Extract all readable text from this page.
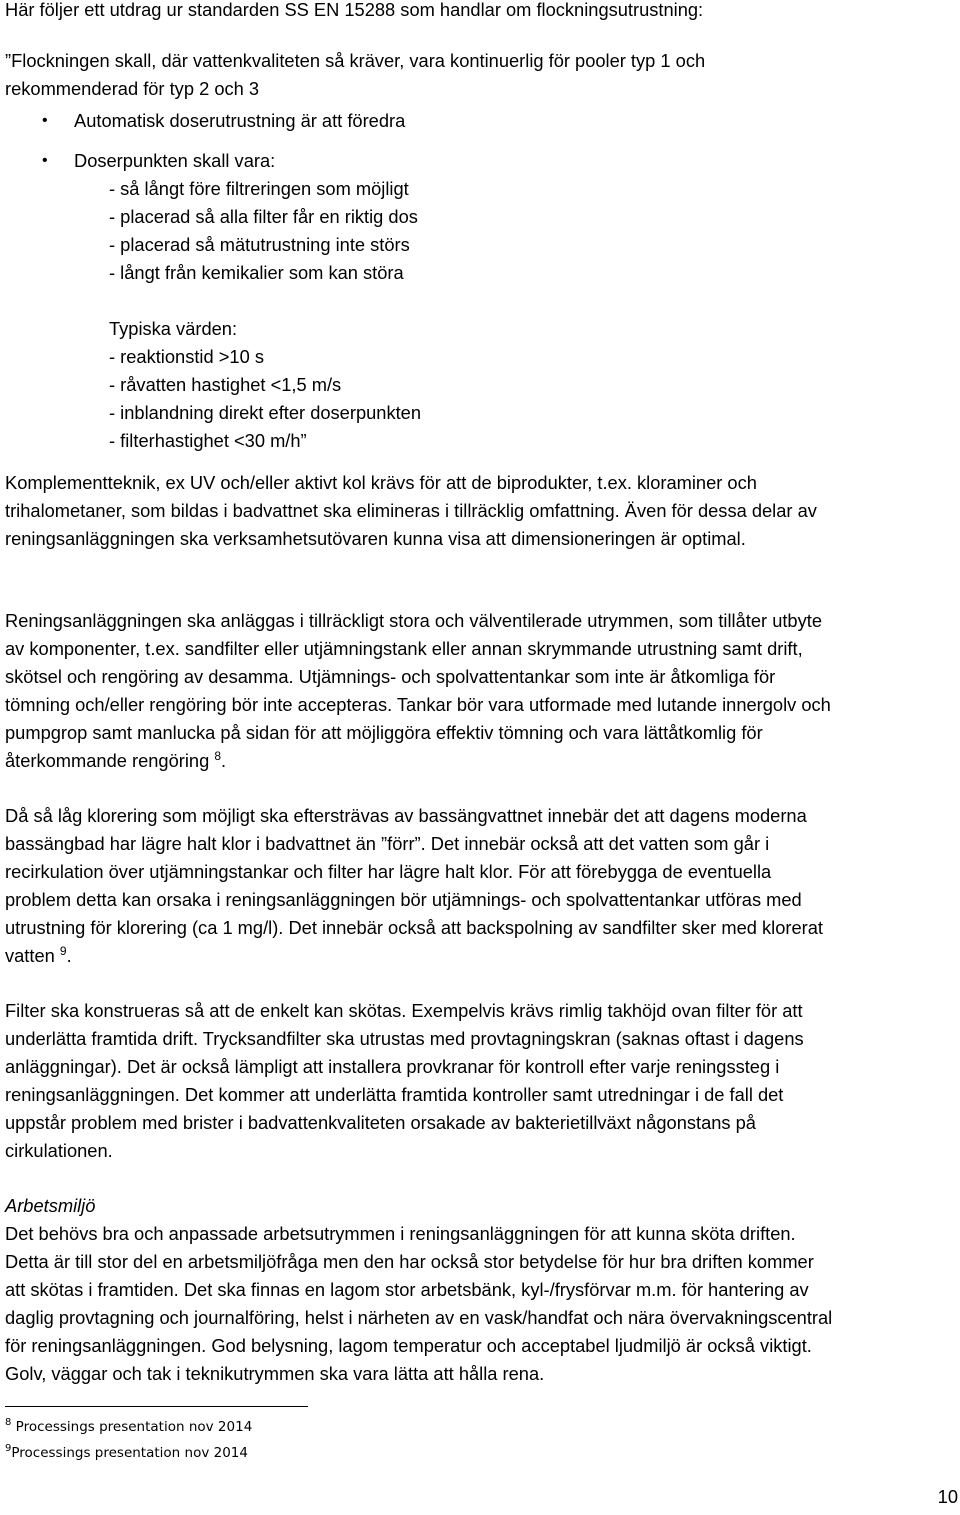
Här följer ett utdrag ur standarden SS EN 15288 som handlar om flockningsutrustning:
”Flockningen skall, där vattenkvaliteten så kräver, vara kontinuerlig för pooler typ 1 och
rekommenderad för typ 2 och 3
• Automatisk doserutrustning är att föredra
• Doserpunkten skall vara:
- så långt före filtreringen som möjligt
- placerad så alla filter får en riktig dos
- placerad så mätutrustning inte störs
- långt från kemikalier som kan störa
Typiska värden:
- reaktionstid >10 s
- råvatten hastighet <1,5 m/s
- inblandning direkt efter doserpunkten
- filterhastighet <30 m/h”
Komplementteknik, ex UV och/eller aktivt kol krävs för att de biprodukter, t.ex. kloraminer och
trihalometaner, som bildas i badvattnet ska elimineras i tillräcklig omfattning. Även för dessa delar av
reningsanläggningen ska verksamhetsutövaren kunna visa att dimensioneringen är optimal.
Reningsanläggningen ska anläggas i tillräckligt stora och välventilerade utrymmen, som tillåter utbyte
av komponenter, t.ex. sandfilter eller utjämningstank eller annan skrymmande utrustning samt drift,
skötsel och rengöring av desamma. Utjämnings- och spolvattentankar som inte är åtkomliga för
tömning och/eller rengöring bör inte accepteras. Tankar bör vara utformade med lutande innergolv och
pumpgrop samt manlucka på sidan för att möjliggöra effektiv tömning och vara lättåtkomlig för
återkommande rengöring $^8$.
Då så låg klorering som möjligt ska eftersträvas av bassängvattnet innebär det att dagens moderna
bassängbad har lägre halt klor i badvattnet än ”förr”. Det innebär också att det vatten som går i
recirkulation över utjämningstankar och filter har lägre halt klor. För att förebygga de eventuella
problem detta kan orsaka i reningsanläggningen bör utjämnings- och spolvattentankar utföras med
utrustning för klorering (ca 1 mg/l). Det innebär också att backspolning av sandfilter sker med klorerat
vatten $^9$.
Filter ska konstrueras så att de enkelt kan skötas. Exempelvis krävs rimlig takhöjd ovan filter för att
underlätta framtida drift. Trycksandfilter ska utrustas med provtagningskran (saknas oftast i dagens
anläggningar). Det är också lämpligt att installera provkranar för kontroll efter varje reningssteg i
reningsanläggningen. Det kommer att underlätta framtida kontroller samt utredningar i de fall det
uppstår problem med brister i badvattenkvaliteten orsakade av bakterietillväxt någonstans på
cirkulationen.
Arbetsmiljö
Det behövs bra och anpassade arbetsutrymmen i reningsanläggningen för att kunna sköta driften.
Detta är till stor del en arbetsmiljöfråga men den har också stor betydelse för hur bra driften kommer
att skötas i framtiden. Det ska finnas en lagom stor arbetsbänk, kyl-/frysförvar m.m. för hantering av
daglig provtagning och journalföring, helst i närheten av en vask/handfat och nära övervakningscentral
för reningsanläggningen. God belysning, lagom temperatur och acceptabel ljudmiljö är också viktigt.
Golv, väggar och tak i teknikutrymmen ska vara lätta att hålla rena.
$^8$ Processings presentation nov 2014
$^9$Processings presentation nov 2014
10
